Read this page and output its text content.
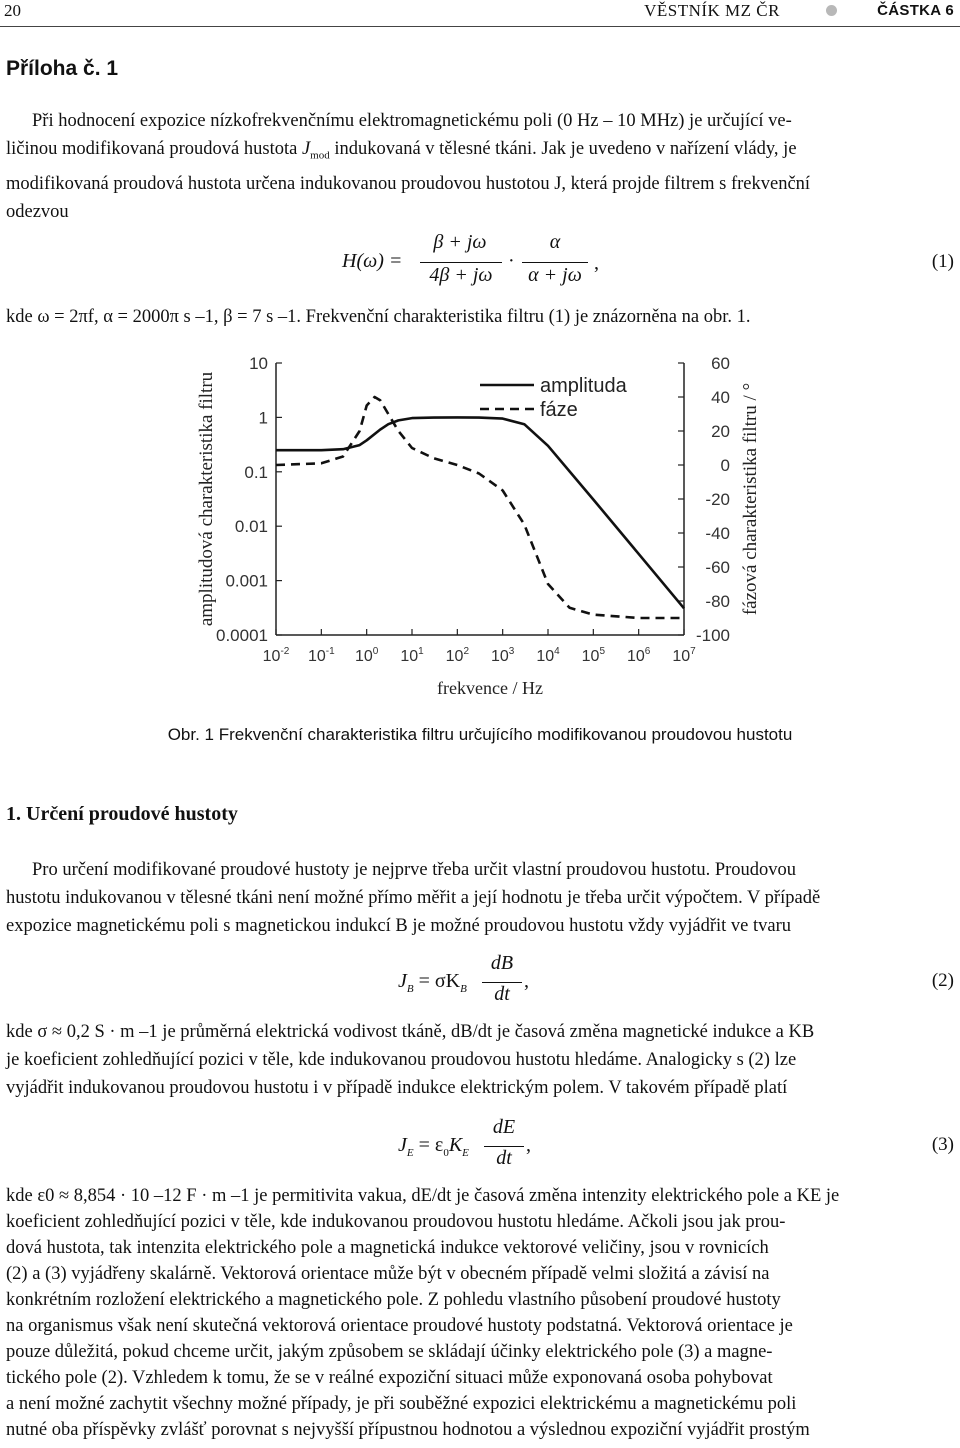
20	VĚSTNÍK MZ ČR	ČÁSTKA 6
Příloha č. 1

Při hodnocení expozice nízkofrekvenčnímu elektromagnetickému poli (0 Hz – 10 MHz) je určující ve-

ličinou modifikovaná proudová hustota $J_{mod}$ indukovaná v tělesné tkáni. Jak je uvedeno v nařízení vlády, je

modifikovaná proudová hustota určena indukovanou proudovou hustotou J, která projde filtrem s frekvenční

odezvou

H(ω) =
β + jω
4β + jω
·
α
α + jω
,	(1)

kde ω = 2πf, α = 2000π s –1, β = 7 s –1. Frekvenční charakteristika filtru (1) je znázorněna na obr. 1.

10
1
0.1
0.01
0.001
0.0001
60
40
20
0
-20
-40
-60
-80
-100
$10^{-2}$ $10^{-1}$ $10^0$ $10^1$ $10^2$ $10^3$ $10^4$ $10^5$ $10^6$ $10^7$
frekvence / Hz
amplitudová charakteristika filtru	fázová charakteristika filtru / °
amplituda
fáze
Obr. 1 Frekvenční charakteristika filtru určujícího modifikovanou proudovou hustotu
1. Určení proudové hustoty

Pro určení modifikované proudové hustoty je nejprve třeba určit vlastní proudovou hustotu. Proudovou

hustotu indukovanou v tělesné tkáni není možné přímo měřit a její hodnotu je třeba určit výpočtem. V případě

expozice magnetickému poli s magnetickou indukcí B je možné proudovou hustotu vždy vyjádřit ve tvaru

$J_B = \sigma K_B$
dB
dt
,	(2)

kde σ ≈ 0,2 S · m –1 je průměrná elektrická vodivost tkáně, dB/dt je časová změna magnetické indukce a KB

je koeficient zohledňující pozici v těle, kde indukovanou proudovou hustotu hledáme. Analogicky s (2) lze

vyjádřit indukovanou proudovou hustotu i v případě indukce elektrickým polem. V takovém případě platí

$J_E = \varepsilon_0K_E$
dE
dt
,	(3)

kde ε0 ≈ 8,854 · 10 –12 F · m –1 je permitivita vakua, dE/dt je časová změna intenzity elektrického pole a KE je

koeficient zohledňující pozici v těle, kde indukovanou proudovou hustotu hledáme. Ačkoli jsou jak prou-

dová hustota, tak intenzita elektrického pole a magnetická indukce vektorové veličiny, jsou v rovnicích

(2) a (3) vyjádřeny skalárně. Vektorová orientace může být v obecném případě velmi složitá a závisí na

konkrétním rozložení elektrického a magnetického pole. Z pohledu vlastního působení proudové hustoty

na organismus však není skutečná vektorová orientace proudové hustoty podstatná. Vektorová orientace je

pouze důležitá, pokud chceme určit, jakým způsobem se skládají účinky elektrického pole (3) a magne-

tického pole (2). Vzhledem k tomu, že se v reálné expoziční situaci může exponovaná osoba pohybovat

a není možné zachytit všechny možné případy, je při souběžné expozici elektrickému a magnetickému poli

nutné oba příspěvky zvlášť porovnat s nejvyšší přípustnou hodnotou a výslednou expoziční vyjádřit prostým
